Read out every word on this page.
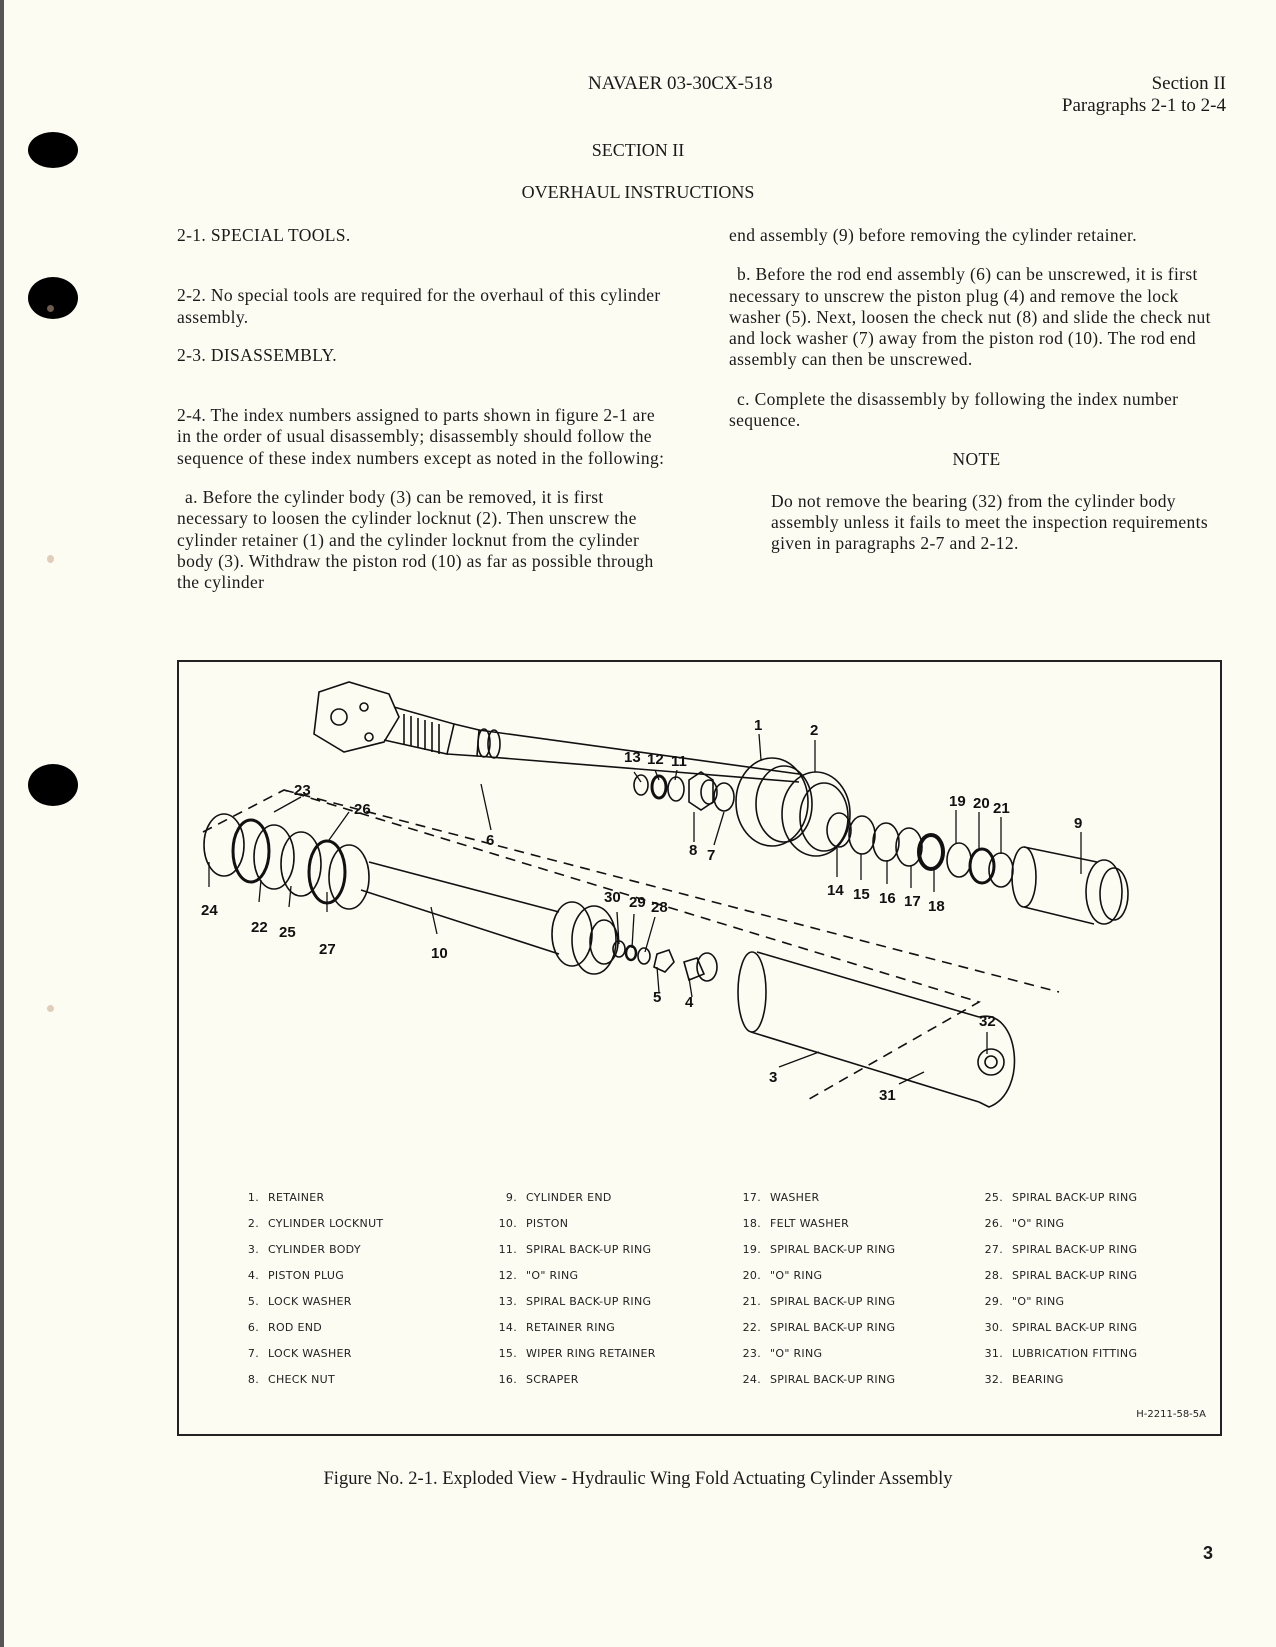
NAVAER 03-30CX-518	Section II
Paragraphs 2-1 to 2-4
SECTION II
OVERHAUL INSTRUCTIONS

2-1. SPECIAL TOOLS.

2-2. No special tools are required for the overhaul of this cylinder assembly.

2-3. DISASSEMBLY.

2-4. The index numbers assigned to parts shown in figure 2-1 are in the order of usual disassembly; disassembly should follow the sequence of these index numbers except as noted in the following:

a. Before the cylinder body (3) can be removed, it is first necessary to loosen the cylinder locknut (2). Then unscrew the cylinder retainer (1) and the cylinder locknut from the cylinder body (3). Withdraw the piston rod (10) as far as possible through the cylinder

end assembly (9) before removing the cylinder retainer.

b. Before the rod end assembly (6) can be unscrewed, it is first necessary to unscrew the piston plug (4) and remove the lock washer (5). Next, loosen the check nut (8) and slide the check nut and lock washer (7) away from the piston rod (10). The rod end assembly can then be unscrewed.

c. Complete the disassembly by following the index number sequence.

NOTE

Do not remove the bearing (32) from the cylinder body assembly unless it fails to meet the inspection requirements given in paragraphs 2-7 and 2-12.

1	2
3
4
5
6
7
8
9
10
11
12
13
14 15 16 17 18
19 20 21
22
23
24
25
26
27
28
29
30
31
32
1. RETAINER
2. CYLINDER LOCKNUT
3. CYLINDER BODY
4. PISTON PLUG
5. LOCK WASHER
6. ROD END
7. LOCK WASHER
8. CHECK NUT
9. CYLINDER END
10. PISTON
11. SPIRAL BACK-UP RING
12. "O" RING
13. SPIRAL BACK-UP RING
14. RETAINER RING
15. WIPER RING RETAINER
16. SCRAPER
17. WASHER
18. FELT WASHER
19. SPIRAL BACK-UP RING
20. "O" RING
21. SPIRAL BACK-UP RING
22. SPIRAL BACK-UP RING
23. "O" RING
24. SPIRAL BACK-UP RING
25. SPIRAL BACK-UP RING
26. "O" RING
27. SPIRAL BACK-UP RING
28. SPIRAL BACK-UP RING
29. "O" RING
30. SPIRAL BACK-UP RING
31. LUBRICATION FITTING
32. BEARING
H-2211-58-5A
Figure No. 2-1. Exploded View - Hydraulic Wing Fold Actuating Cylinder Assembly
3
